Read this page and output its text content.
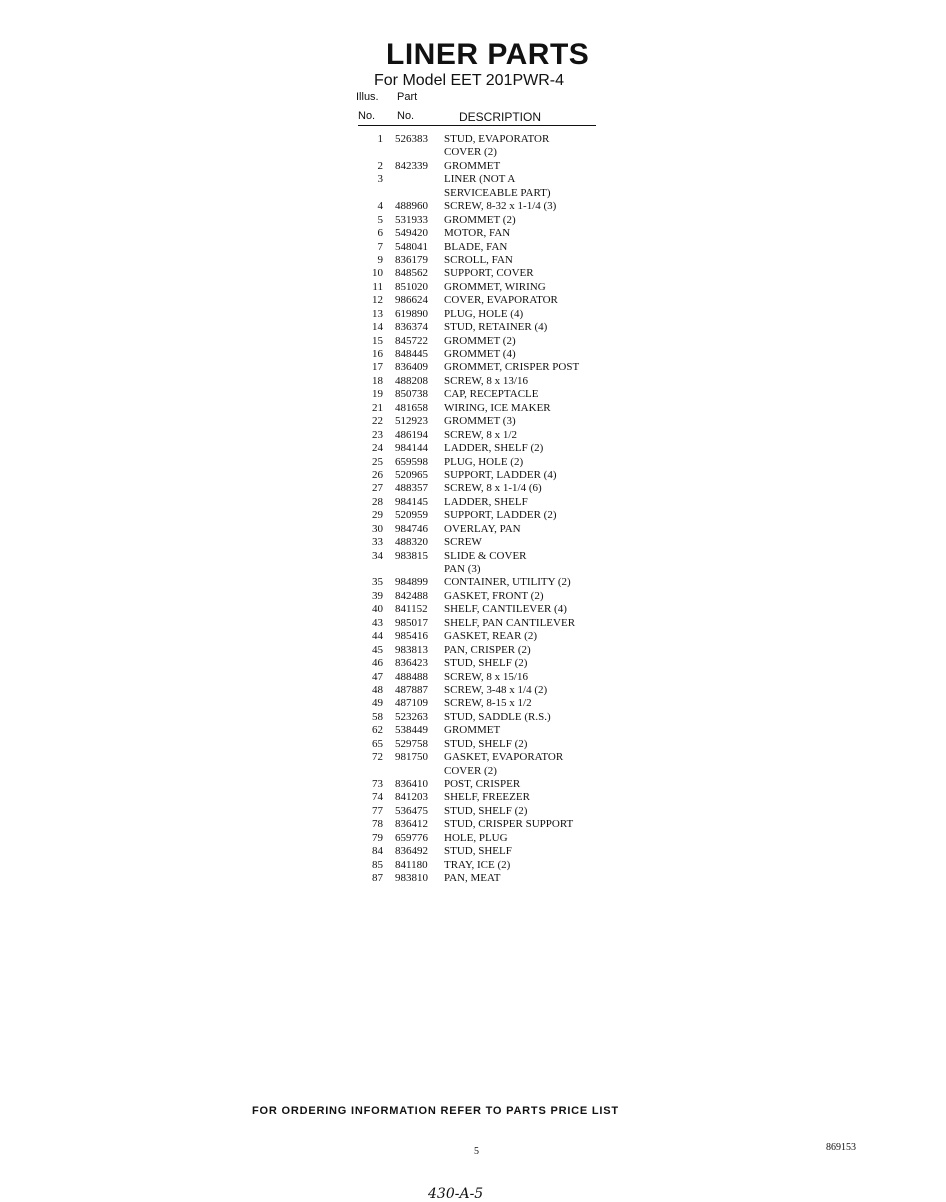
LINER PARTS
For Model EET 201PWR-4
Illus. Part
No. No.	DESCRIPTION
1 526383 STUD, EVAPORATOR
COVER (2)
2 842339 GROMMET
3	LINER (NOT A
SERVICEABLE PART)
4 488960 SCREW, 8-32 x 1-1/4 (3)
5 531933 GROMMET (2)
6 549420 MOTOR, FAN
7 548041 BLADE, FAN
9 836179 SCROLL, FAN
10 848562 SUPPORT, COVER
11 851020 GROMMET, WIRING
12 986624 COVER, EVAPORATOR
13 619890 PLUG, HOLE (4)
14 836374 STUD, RETAINER (4)
15 845722 GROMMET (2)
16 848445 GROMMET (4)
17 836409 GROMMET, CRISPER POST
18 488208 SCREW, 8 x 13/16
19 850738 CAP, RECEPTACLE
21 481658 WIRING, ICE MAKER
22 512923 GROMMET (3)
23 486194 SCREW, 8 x 1/2
24 984144 LADDER, SHELF (2)
25 659598 PLUG, HOLE (2)
26 520965 SUPPORT, LADDER (4)
27 488357 SCREW, 8 x 1-1/4 (6)
28 984145 LADDER, SHELF
29 520959 SUPPORT, LADDER (2)
30 984746 OVERLAY, PAN
33 488320 SCREW
34 983815 SLIDE & COVER
PAN (3)
35 984899 CONTAINER, UTILITY (2)
39 842488 GASKET, FRONT (2)
40 841152 SHELF, CANTILEVER (4)
43 985017 SHELF, PAN CANTILEVER
44 985416 GASKET, REAR (2)
45 983813 PAN, CRISPER (2)
46 836423 STUD, SHELF (2)
47 488488 SCREW, 8 x 15/16
48 487887 SCREW, 3-48 x 1/4 (2)
49 487109 SCREW, 8-15 x 1/2
58 523263 STUD, SADDLE (R.S.)
62 538449 GROMMET
65 529758 STUD, SHELF (2)
72 981750 GASKET, EVAPORATOR
COVER (2)
73 836410 POST, CRISPER
74 841203 SHELF, FREEZER
77 536475 STUD, SHELF (2)
78 836412 STUD, CRISPER SUPPORT
79 659776 HOLE, PLUG
84 836492 STUD, SHELF
85 841180 TRAY, ICE (2)
87 983810 PAN, MEAT
FOR ORDERING INFORMATION REFER TO PARTS PRICE LIST
5	869153
430-A-5
